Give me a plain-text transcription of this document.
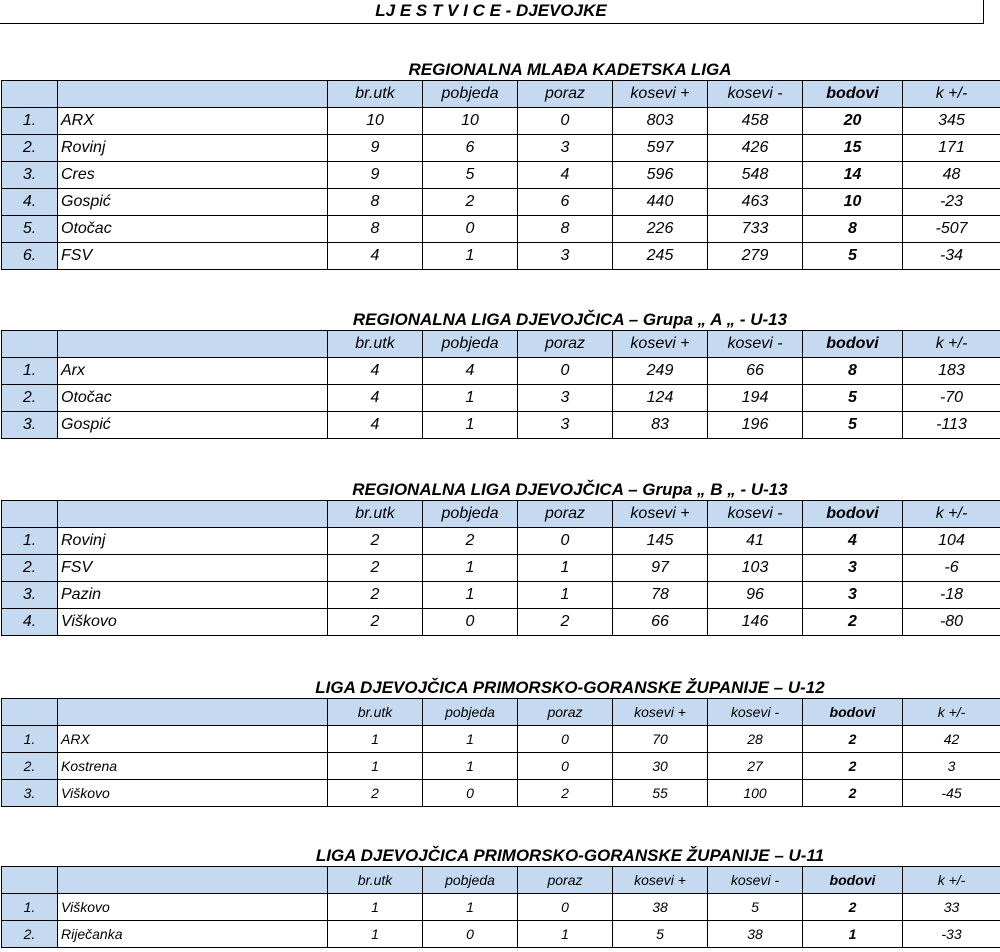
LJ E S T V I C E - DJEVOJKE
REGIONALNA MLAĐA KADETSKA LIGA
		br.utk	pobjeda	poraz	kosevi +	kosevi -	bodovi	k +/-
1.	ARX	10	10	0	803	458	20	345
2.	Rovinj	9	6	3	597	426	15	171
3.	Cres	9	5	4	596	548	14	48
4.	Gospić	8	2	6	440	463	10	-23
5.	Otočac	8	0	8	226	733	8	-507
6.	FSV	4	1	3	245	279	5	-34
REGIONALNA LIGA DJEVOJČICA – Grupa „ A „ - U-13
		br.utk	pobjeda	poraz	kosevi +	kosevi -	bodovi	k +/-
1.	Arx	4	4	0	249	66	8	183
2.	Otočac	4	1	3	124	194	5	-70
3.	Gospić	4	1	3	83	196	5	-113
REGIONALNA LIGA DJEVOJČICA – Grupa „ B „ - U-13
		br.utk	pobjeda	poraz	kosevi +	kosevi -	bodovi	k +/-
1.	Rovinj	2	2	0	145	41	4	104
2.	FSV	2	1	1	97	103	3	-6
3.	Pazin	2	1	1	78	96	3	-18
4.	Viškovo	2	0	2	66	146	2	-80
LIGA DJEVOJČICA PRIMORSKO-GORANSKE ŽUPANIJE – U-12
		br.utk	pobjeda	poraz	kosevi +	kosevi -	bodovi	k +/-
1.	ARX	1	1	0	70	28	2	42
2.	Kostrena	1	1	0	30	27	2	3
3.	Viškovo	2	0	2	55	100	2	-45
LIGA DJEVOJČICA PRIMORSKO-GORANSKE ŽUPANIJE – U-11
		br.utk	pobjeda	poraz	kosevi +	kosevi -	bodovi	k +/-
1.	Viškovo	1	1	0	38	5	2	33
2.	Riječanka	1	0	1	5	38	1	-33
